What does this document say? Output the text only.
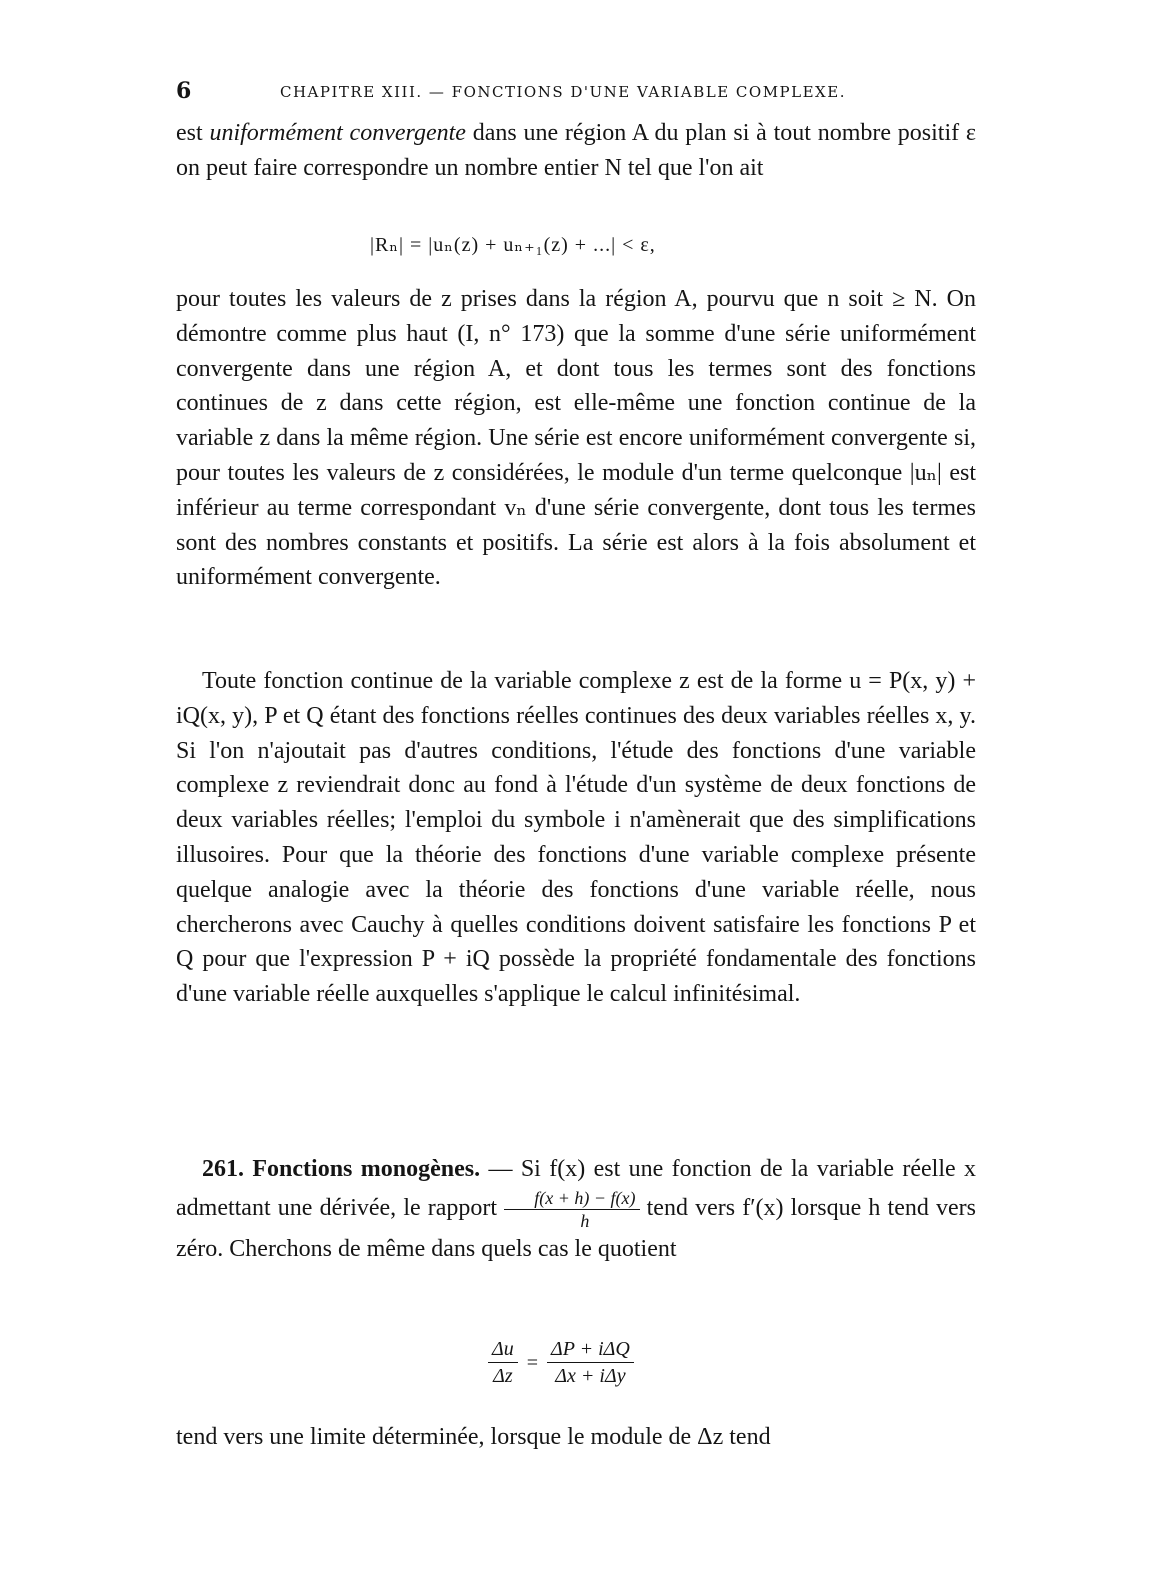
6	CHAPITRE XIII. — FONCTIONS D'UNE VARIABLE COMPLEXE.

est uniformément convergente dans une région A du plan si à tout nombre positif ε on peut faire correspondre un nombre entier N tel que l'on ait

|Rₙ| = |uₙ(z) + uₙ₊₁(z) + ...| < ε,

pour toutes les valeurs de z prises dans la région A, pourvu que n soit ≥ N. On démontre comme plus haut (I, n° 173) que la somme d'une série uniformément convergente dans une région A, et dont tous les termes sont des fonctions continues de z dans cette région, est elle-même une fonction continue de la variable z dans la même région. Une série est encore uniformément convergente si, pour toutes les valeurs de z considérées, le module d'un terme quelconque |uₙ| est inférieur au terme correspondant vₙ d'une série convergente, dont tous les termes sont des nombres constants et positifs. La série est alors à la fois absolument et uniformément convergente.

Toute fonction continue de la variable complexe z est de la forme u = P(x, y) + iQ(x, y), P et Q étant des fonctions réelles continues des deux variables réelles x, y. Si l'on n'ajoutait pas d'autres conditions, l'étude des fonctions d'une variable complexe z reviendrait donc au fond à l'étude d'un système de deux fonctions de deux variables réelles; l'emploi du symbole i n'amènerait que des simplifications illusoires. Pour que la théorie des fonctions d'une variable complexe présente quelque analogie avec la théorie des fonctions d'une variable réelle, nous chercherons avec Cauchy à quelles conditions doivent satisfaire les fonctions P et Q pour que l'expression P + iQ possède la propriété fondamentale des fonctions d'une variable réelle auxquelles s'applique le calcul infinitésimal.

261. Fonctions monogènes. — Si f(x) est une fonction de la variable réelle x admettant une dérivée, le rapport $\frac{f(x + h) - f(x)}{h}$ tend vers f′(x) lorsque h tend vers zéro. Cherchons de même dans quels cas le quotient

$\frac{\Delta u}{\Delta z} = \frac{\text{ΔP + iΔQ}}{\text{Δx + iΔy}}$

tend vers une limite déterminée, lorsque le module de Δz tend
